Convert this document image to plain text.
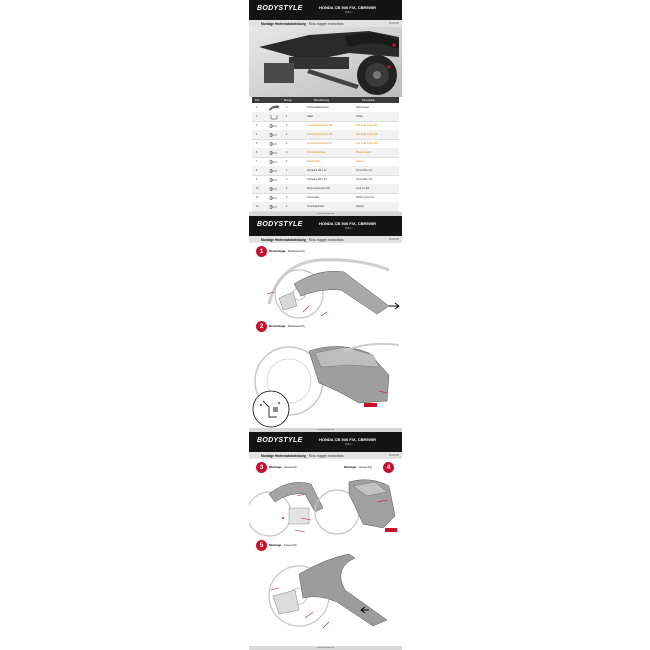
BODYSTYLE	HONDA CB 500 F/X, CBR500R
2016 >
Montage Hinterradabdeckung · Rear-hugger instructions	6618208
Pos.	Menge	Bezeichnung	Description
1	1	Hinterradabdeckung	Rear-hugger
2	1	Halter	Holder
3	2	Linsenkopfschraube M6	Pan head screw M6
4	2	Linsenkopfschraube M6	Pan head screw M6
5	2	Sechskantschraube M6	Hex head screw M6
6	4	Kunststoffscheibe	Plastic washer
7	2	Distanzhülse	Spacer
8	2	Schraube M6 x 12	Screw M6 x 12
9	2	Schraube M6 x 16	Screw M6 x 16
10	2	Sicherungsmutter M6	Lock nut M6
11	2	Gummitülle	Rubber grommet
12	2	Unterlegscheibe	Washer
www.bodystyle.de
BODYSTYLE	HONDA CB 500 F/X, CBR500R
2016 >
Montage Hinterradabdeckung · Rear-hugger instructions	6618208
1	Demontage · Disassembly
2	Demontage · Disassembly
www.bodystyle.de
BODYSTYLE	HONDA CB 500 F/X, CBR500R
2016 >
Montage Hinterradabdeckung · Rear-hugger instructions	6618208
3	Montage · Assembly	4
Montage · Assembly
5	Montage · Assembly
www.bodystyle.de
